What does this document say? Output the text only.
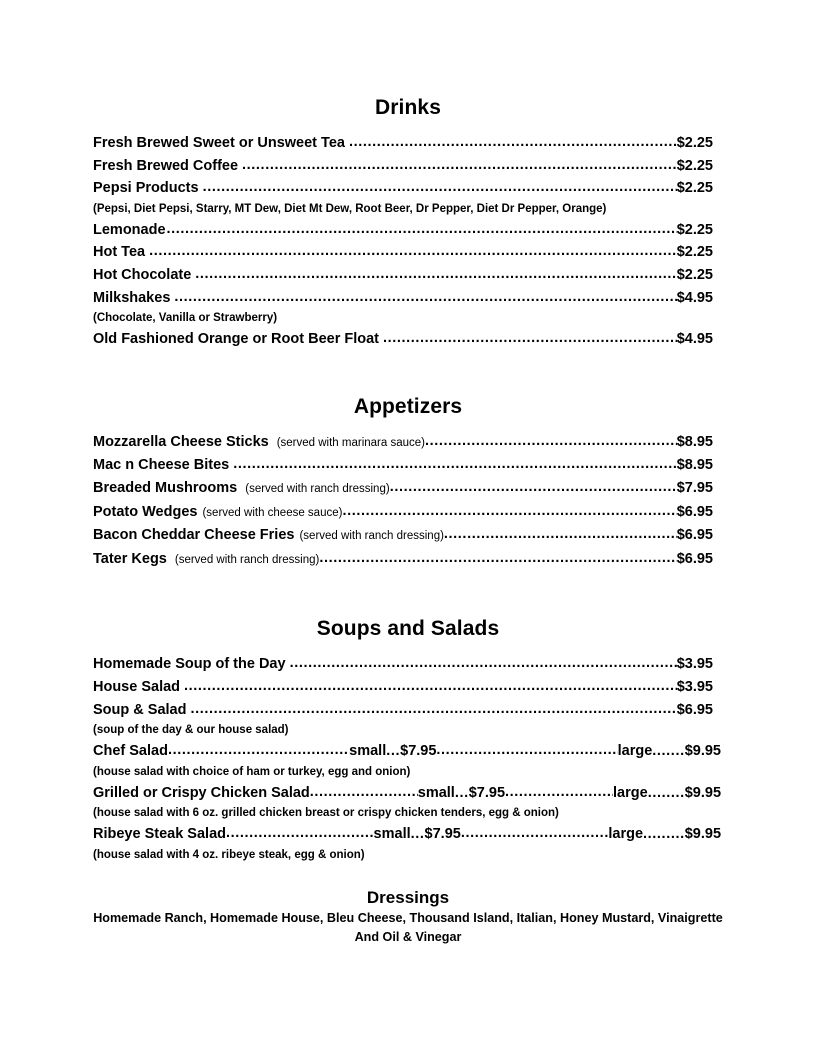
Drinks
Fresh Brewed Sweet or Unsweet Tea .....	$2.25
Fresh Brewed Coffee .....	$2.25
Pepsi Products .....	$2.25
(Pepsi, Diet Pepsi, Starry, MT Dew, Diet Mt Dew, Root Beer, Dr Pepper, Diet Dr Pepper, Orange)
Lemonade .....	$2.25
Hot Tea .....	$2.25
Hot Chocolate .....	$2.25
Milkshakes .....	$4.95
(Chocolate, Vanilla or Strawberry)
Old Fashioned Orange or Root Beer Float .....	$4.95
Appetizers
Mozzarella Cheese Sticks (served with marinara sauce) .....	$8.95
Mac n Cheese Bites .....	$8.95
Breaded Mushrooms (served with ranch dressing) .....	$7.95
Potato Wedges (served with cheese sauce) .....	$6.95
Bacon Cheddar Cheese Fries (served with ranch dressing) .....	$6.95
Tater Kegs (served with ranch dressing) .....	$6.95
Soups and Salads
Homemade Soup of the Day .....	$3.95
House Salad .....	$3.95
Soup & Salad .....	$6.95
(soup of the day & our house salad)
Chef Salad .....	small ... $7.95 .....	large ....... $9.95
(house salad with choice of ham or turkey, egg and onion)
Grilled or Crispy Chicken Salad .....	small ... $7.95 .....	large ........ $9.95
(house salad with 6 oz. grilled chicken breast or crispy chicken tenders, egg & onion)
Ribeye Steak Salad .....	small ... $7.95 .....	large ......... $9.95
(house salad with 4 oz. ribeye steak, egg & onion)
Dressings
Homemade Ranch, Homemade House, Bleu Cheese, Thousand Island, Italian, Honey Mustard, Vinaigrette
And Oil & Vinegar
